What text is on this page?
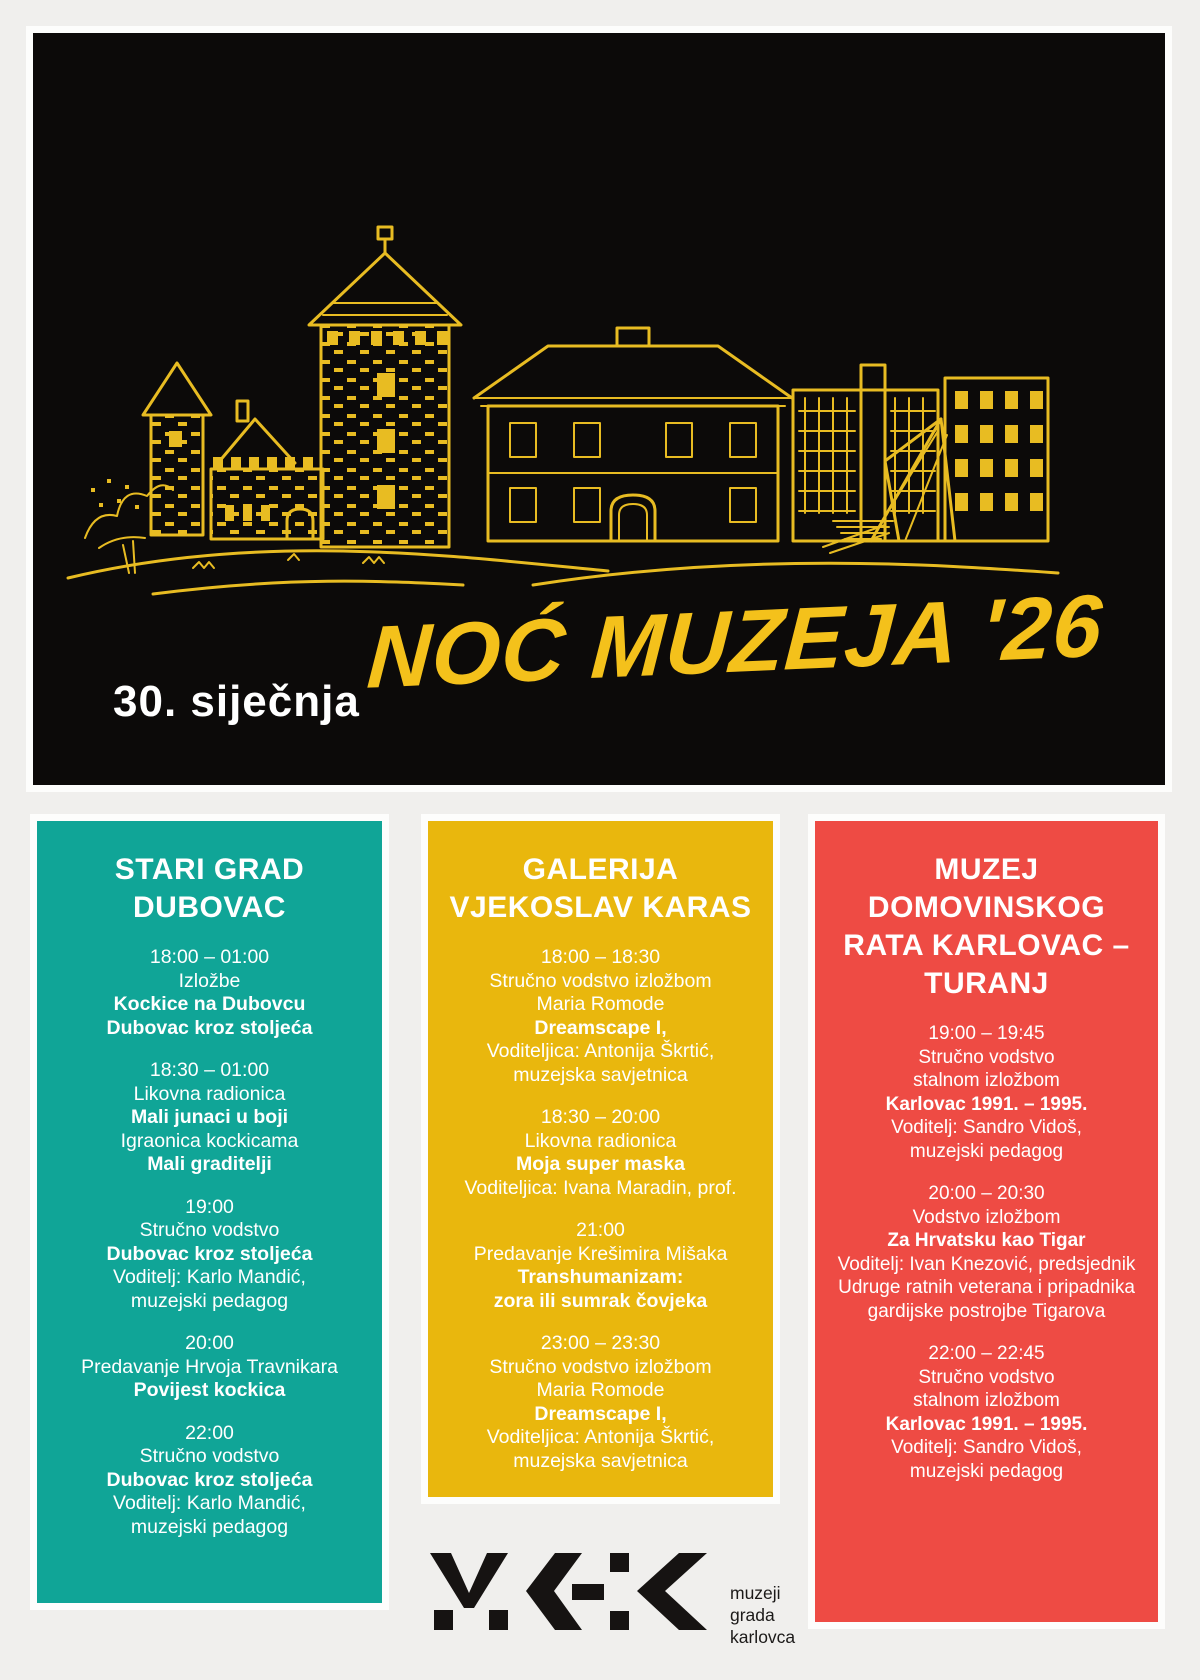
30. siječnja NOĆ MUZEJA '26
STARI GRAD
DUBOVAC
18:00 – 01:00
Izložbe
Kockice na Dubovcu
Dubovac kroz stoljeća
18:30 – 01:00
Likovna radionica
Mali junaci u boji
Igraonica kockicama
Mali graditelji
19:00
Stručno vodstvo
Dubovac kroz stoljeća
Voditelj: Karlo Mandić,
muzejski pedagog
20:00
Predavanje Hrvoja Travnikara
Povijest kockica
22:00
Stručno vodstvo
Dubovac kroz stoljeća
Voditelj: Karlo Mandić,
muzejski pedagog
GALERIJA
VJEKOSLAV KARAS
18:00 – 18:30
Stručno vodstvo izložbom
Maria Romode
Dreamscape I,
Voditeljica: Antonija Škrtić,
muzejska savjetnica
18:30 – 20:00
Likovna radionica
Moja super maska
Voditeljica: Ivana Maradin, prof.
21:00
Predavanje Krešimira Mišaka
Transhumanizam:
zora ili sumrak čovjeka
23:00 – 23:30
Stručno vodstvo izložbom
Maria Romode
Dreamscape I,
Voditeljica: Antonija Škrtić,
muzejska savjetnica
MUZEJ
DOMOVINSKOG
RATA KARLOVAC –
TURANJ
19:00 – 19:45
Stručno vodstvo
stalnom izložbom
Karlovac 1991. – 1995.
Voditelj: Sandro Vidoš,
muzejski pedagog
20:00 – 20:30
Vodstvo izložbom
Za Hrvatsku kao Tigar
Voditelj: Ivan Knezović, predsjednik
Udruge ratnih veterana i pripadnika
gardijske postrojbe Tigarova
22:00 – 22:45
Stručno vodstvo
stalnom izložbom
Karlovac 1991. – 1995.
Voditelj: Sandro Vidoš,
muzejski pedagog
muzeji
grada
karlovca
